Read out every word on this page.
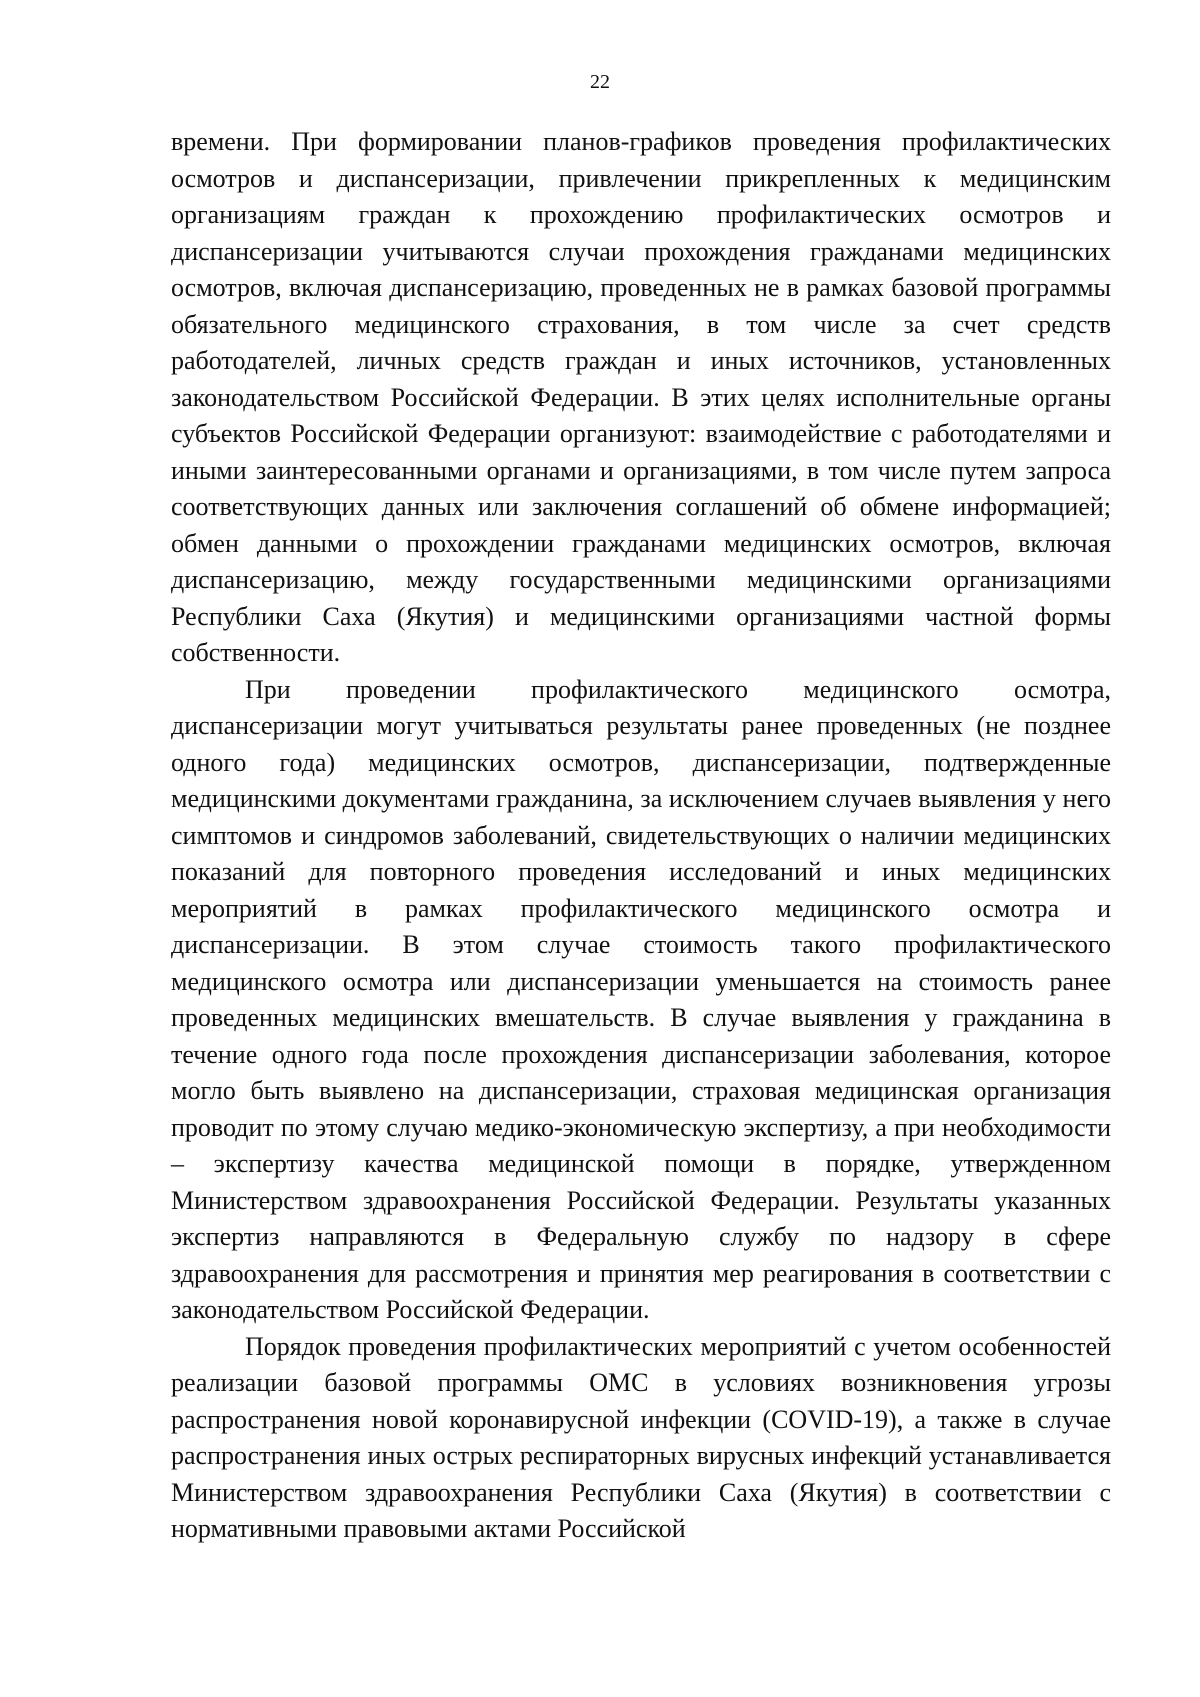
22

времени. При формировании планов-графиков проведения профилактических осмотров и диспансеризации, привлечении прикрепленных к медицинским организациям граждан к прохождению профилактических осмотров и диспансеризации учитываются случаи прохождения гражданами медицинских осмотров, включая диспансеризацию, проведенных не в рамках базовой программы обязательного медицинского страхования, в том числе за счет средств работодателей, личных средств граждан и иных источников, установленных законодательством Российской Федерации. В этих целях исполнительные органы субъектов Российской Федерации организуют: взаимодействие с работодателями и иными заинтересованными органами и организациями, в том числе путем запроса соответствующих данных или заключения соглашений об обмене информацией; обмен данными о прохождении гражданами медицинских осмотров, включая диспансеризацию, между государственными медицинскими организациями Республики Саха (Якутия) и медицинскими организациями частной формы собственности.

При проведении профилактического медицинского осмотра, диспансеризации могут учитываться результаты ранее проведенных (не позднее одного года) медицинских осмотров, диспансеризации, подтвержденные медицинскими документами гражданина, за исключением случаев выявления у него симптомов и синдромов заболеваний, свидетельствующих о наличии медицинских показаний для повторного проведения исследований и иных медицинских мероприятий в рамках профилактического медицинского осмотра и диспансеризации. В этом случае стоимость такого профилактического медицинского осмотра или диспансеризации уменьшается на стоимость ранее проведенных медицинских вмешательств. В случае выявления у гражданина в течение одного года после прохождения диспансеризации заболевания, которое могло быть выявлено на диспансеризации, страховая медицинская организация проводит по этому случаю медико-экономическую экспертизу, а при необходимости – экспертизу качества медицинской помощи в порядке, утвержденном Министерством здравоохранения Российской Федерации. Результаты указанных экспертиз направляются в Федеральную службу по надзору в сфере здравоохранения для рассмотрения и принятия мер реагирования в соответствии с законодательством Российской Федерации.

Порядок проведения профилактических мероприятий с учетом особенностей реализации базовой программы ОМС в условиях возникновения угрозы распространения новой коронавирусной инфекции (COVID-19), а также в случае распространения иных острых респираторных вирусных инфекций устанавливается Министерством здравоохранения Республики Саха (Якутия) в соответствии с нормативными правовыми актами Российской
